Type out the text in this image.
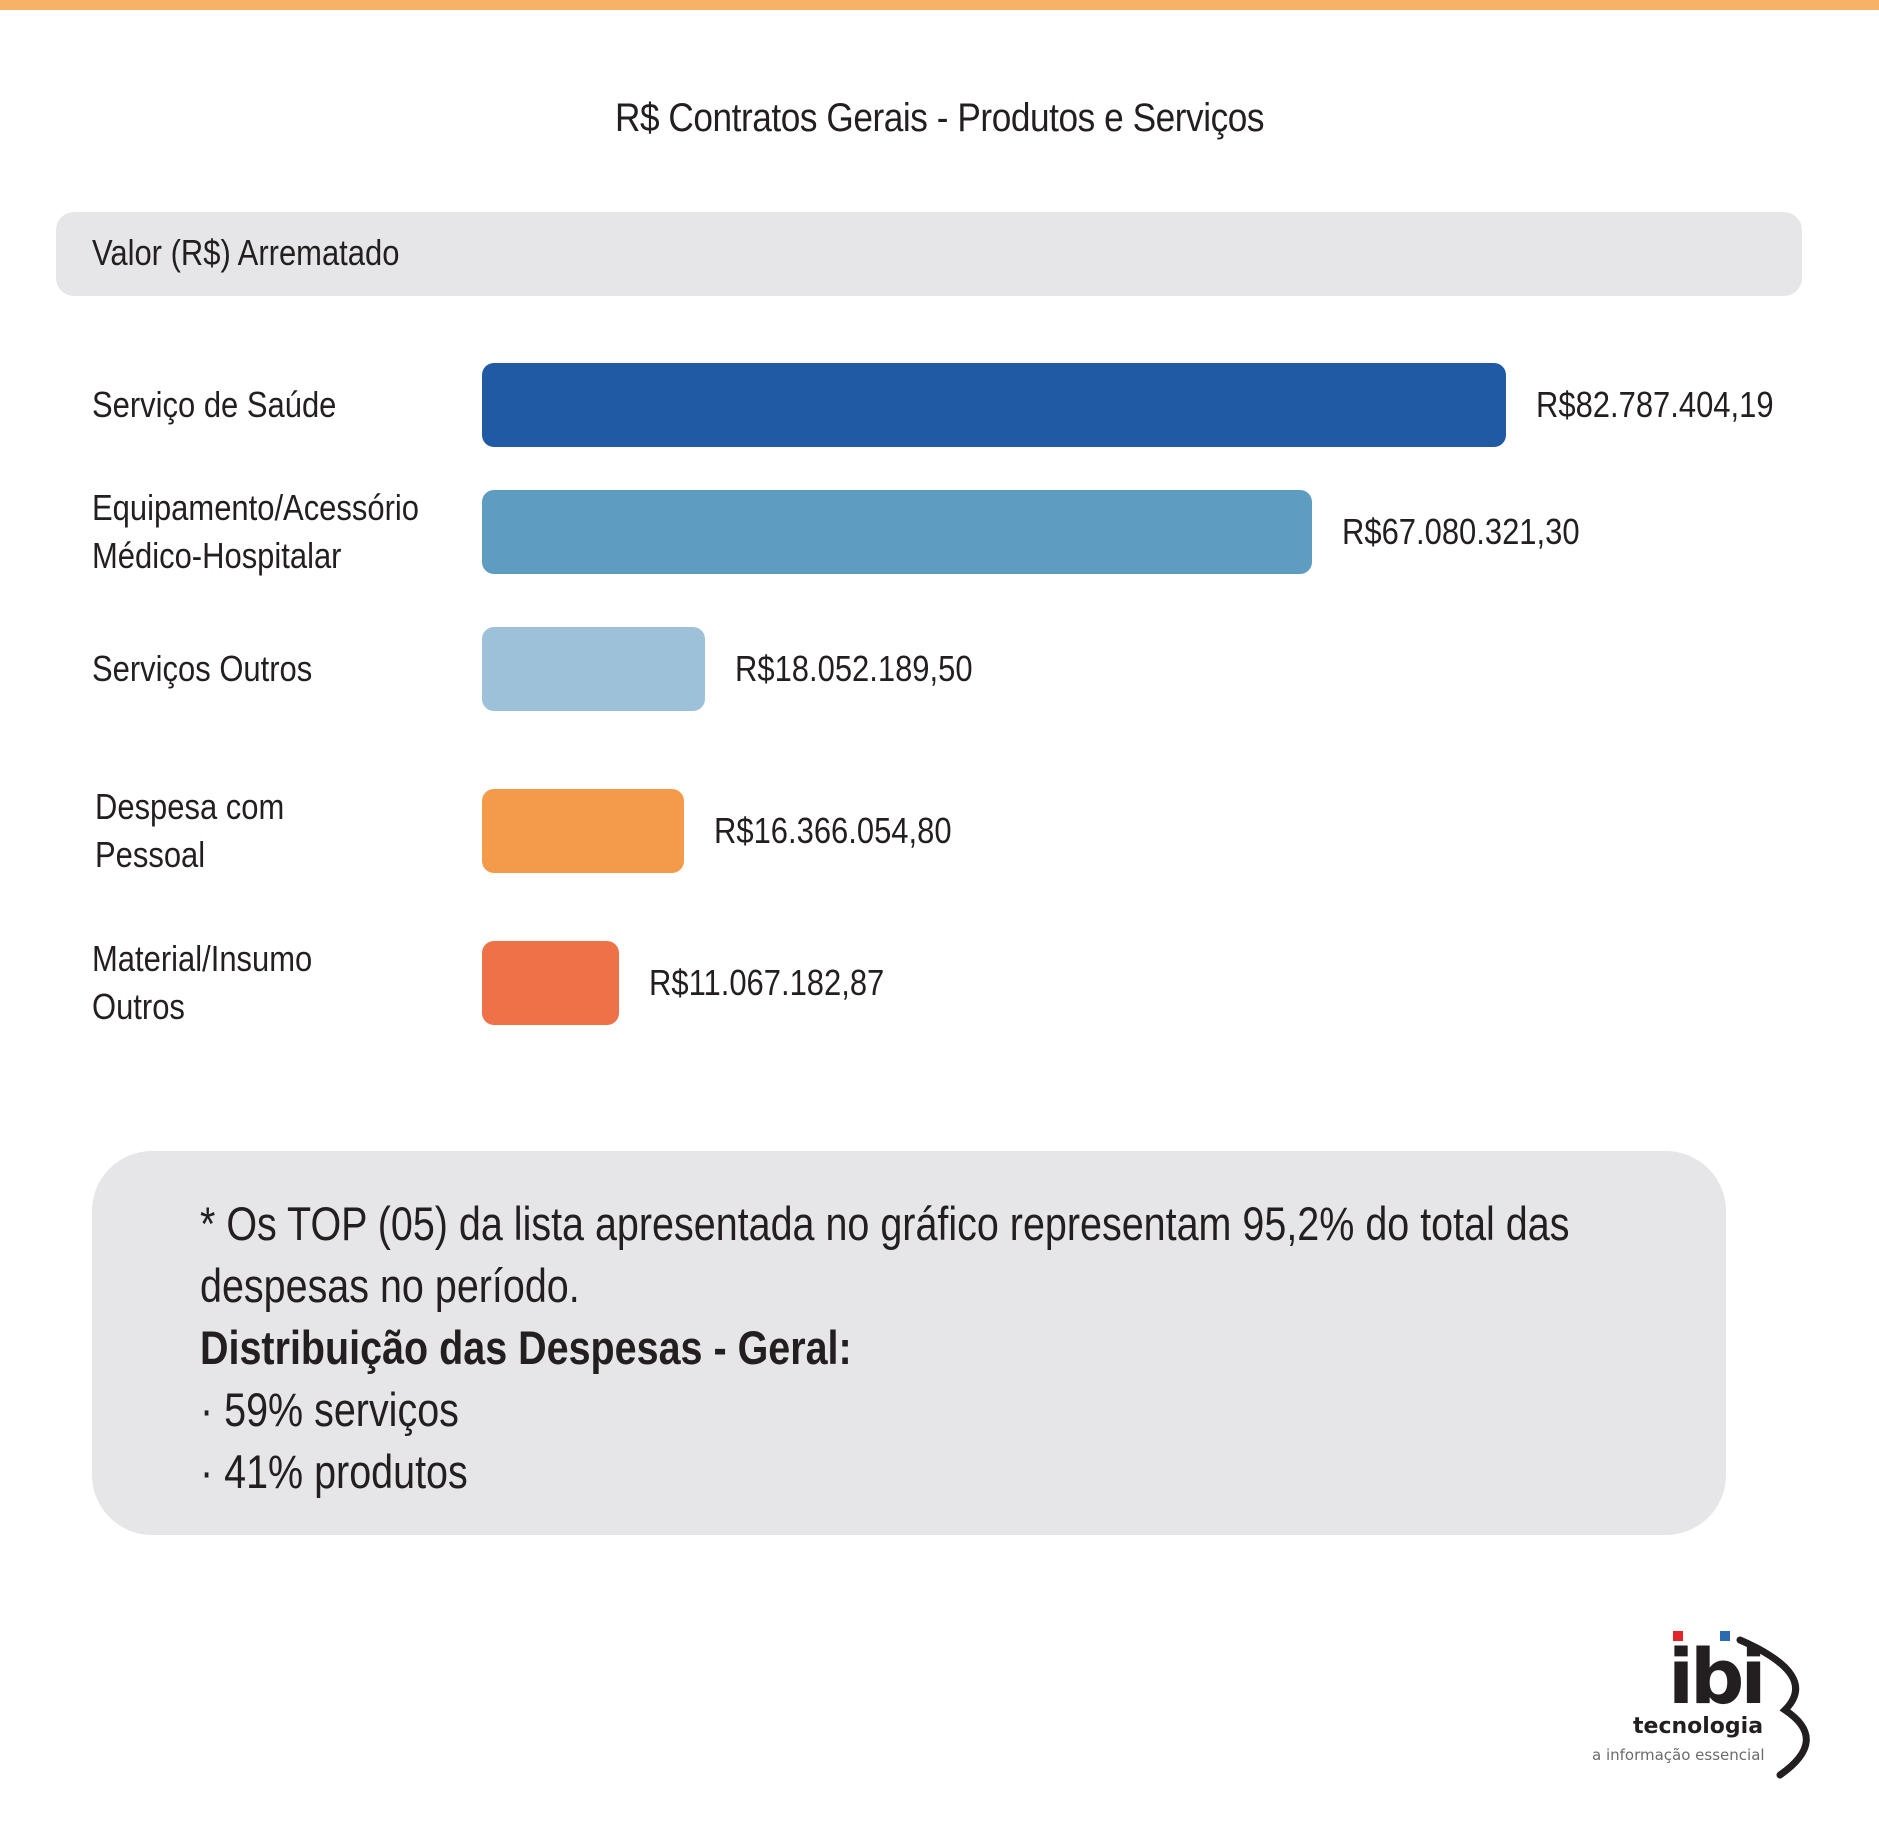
R$ Contratos Gerais - Produtos e Serviços
Valor (R$) Arrematado
Serviço de Saúde	R$82.787.404,19
Equipamento/Acessório
Médico-Hospitalar
R$67.080.321,30
Serviços Outros	R$18.052.189,50
Despesa com
Pessoal
R$16.366.054,80
Material/Insumo
Outros
R$11.067.182,87
* Os TOP (05) da lista apresentada no gráfico representam 95,2% do total das despesas no período.
Distribuição das Despesas - Geral:
· 59% serviços
· 41% produtos
ibi
tecnologia
a informação essencial
